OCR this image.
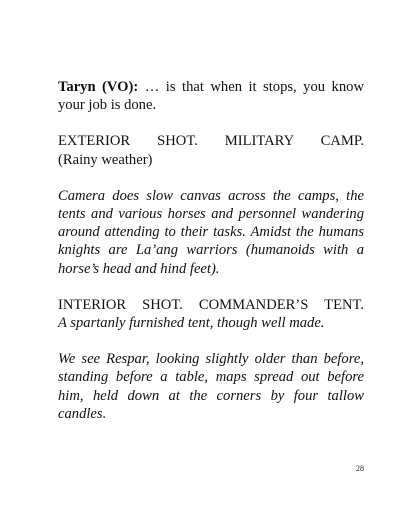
Taryn (VO): … is that when it stops, you know your job is done.

EXTERIOR SHOT. MILITARY CAMP.
(Rainy weather)

Camera does slow canvas across the camps, the tents and various horses and personnel wandering around attending to their tasks. Amidst the humans knights are La’ang warriors (humanoids with a horse’s head and hind feet).

INTERIOR SHOT. COMMANDER’S TENT.
A spartanly furnished tent, though well made.

We see Respar, looking slightly older than before, standing before a table, maps spread out before him, held down at the corners by four tallow candles.

28
